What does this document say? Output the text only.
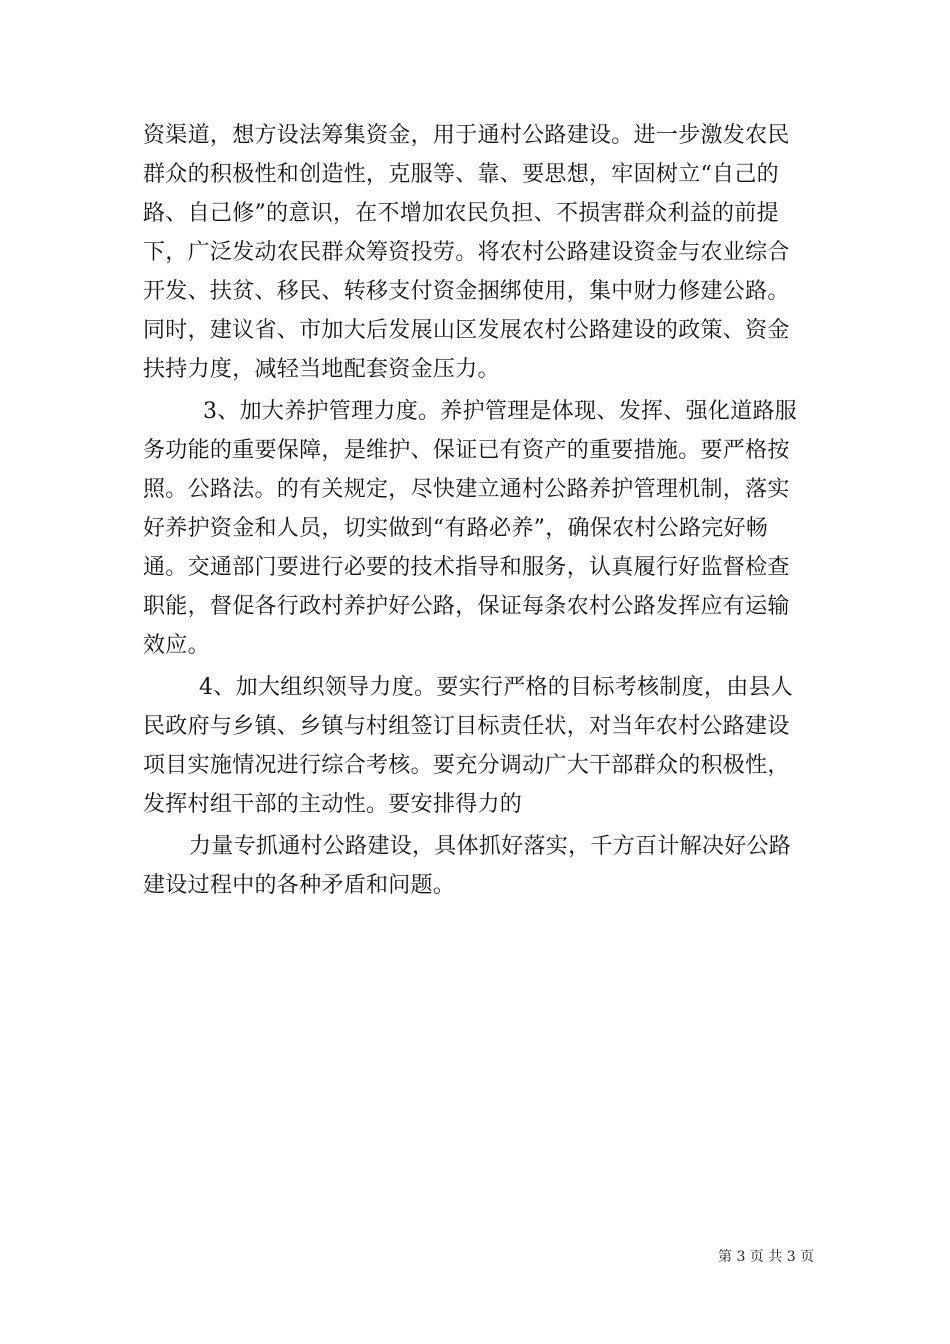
资渠道，想方设法筹集资金，用于通村公路建设。进一步激发农民
群众的积极性和创造性，克服等、靠、要思想，牢固树立“自己的
路、自己修”的意识，在不增加农民负担、不损害群众利益的前提
下，广泛发动农民群众筹资投劳。将农村公路建设资金与农业综合
开发、扶贫、移民、转移支付资金捆绑使用，集中财力修建公路。
同时，建议省、市加大后发展山区发展农村公路建设的政策、资金
扶持力度，减轻当地配套资金压力。
3、加大养护管理力度。养护管理是体现、发挥、强化道路服
务功能的重要保障，是维护、保证已有资产的重要措施。要严格按
照。公路法。的有关规定，尽快建立通村公路养护管理机制，落实
好养护资金和人员，切实做到“有路必养”，确保农村公路完好畅
通。交通部门要进行必要的技术指导和服务，认真履行好监督检查
职能，督促各行政村养护好公路，保证每条农村公路发挥应有运输
效应。
4、加大组织领导力度。要实行严格的目标考核制度，由县人
民政府与乡镇、乡镇与村组签订目标责任状，对当年农村公路建设
项目实施情况进行综合考核。要充分调动广大干部群众的积极性，
发挥村组干部的主动性。要安排得力的
力量专抓通村公路建设，具体抓好落实，千方百计解决好公路
建设过程中的各种矛盾和问题。
第 3 页 共 3 页
